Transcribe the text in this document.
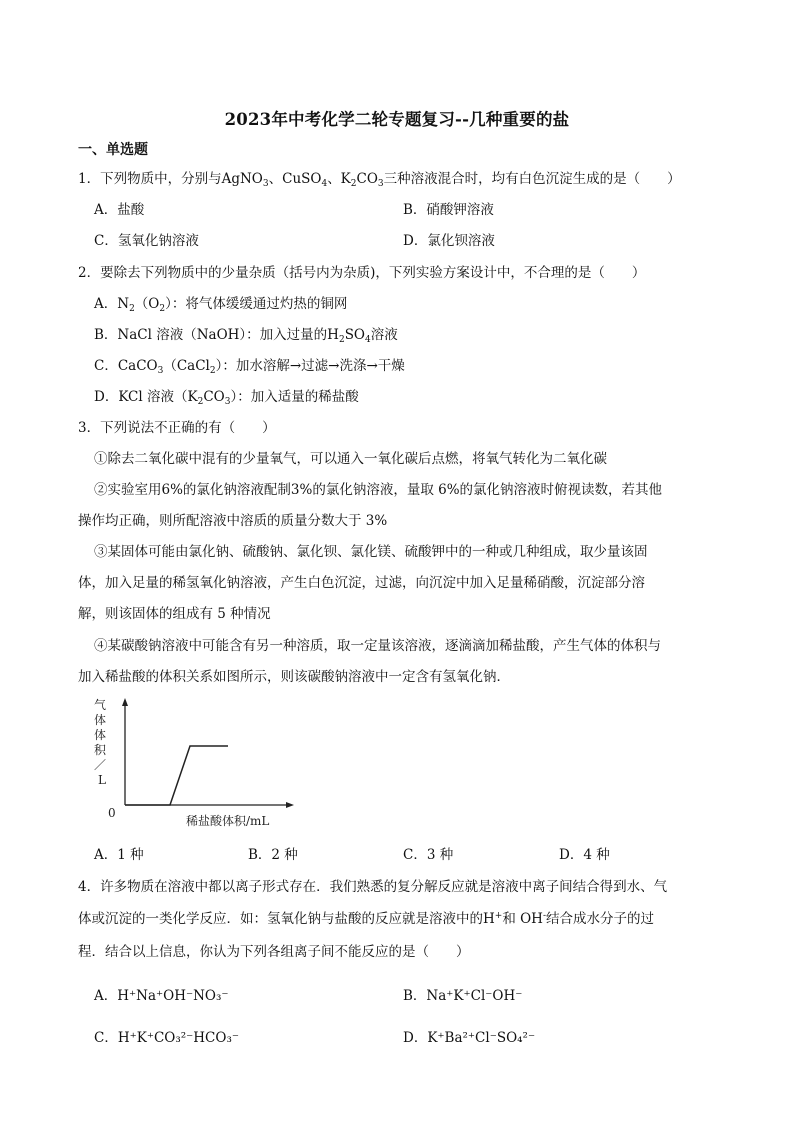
2023年中考化学二轮专题复习--几种重要的盐
一、单选题
1．下列物质中，分别与AgNO$_3$、CuSO$_4$、$K_2CO_3$三种溶液混合时，均有白色沉淀生成的是（　　）
A．盐酸	B．硝酸钾溶液
C．氢氧化钠溶液	D．氯化钡溶液
2．要除去下列物质中的少量杂质（括号内为杂质)，下列实验方案设计中，不合理的是（　　）
A．$N_2(O_2)$：将气体缓缓通过灼热的铜网
B．NaCl 溶液（NaOH）：加入过量的$H_2SO_4$溶液
C．CaCO$_3$（CaCl$_2$）：加水溶解→过滤→洗涤→干燥
D．KCl 溶液$(K_2CO_3)$：加入适量的稀盐酸
3．下列说法不正确的有（　　）
①除去二氧化碳中混有的少量氧气，可以通入一氧化碳后点燃，将氧气转化为二氧化碳
②实验室用6%的氯化钠溶液配制3%的氯化钠溶液，量取 6%的氯化钠溶液时俯视读数，若其他
操作均正确，则所配溶液中溶质的质量分数大于 3%
③某固体可能由氯化钠、硫酸钠、氯化钡、氯化镁、硫酸钾中的一种或几种组成，取少量该固
体，加入足量的稀氢氧化钠溶液，产生白色沉淀，过滤，向沉淀中加入足量稀硝酸，沉淀部分溶
解，则该固体的组成有 5 种情况
④某碳酸钠溶液中可能含有另一种溶质，取一定量该溶液，逐滴滴加稀盐酸，产生气体的体积与
加入稀盐酸的体积关系如图所示，则该碳酸钠溶液中一定含有氢氧化钠．
气
体
体
积
／
L
0
稀盐酸体积/mL
A．1 种	B．2 种	C．3 种	D．4 种
4．许多物质在溶液中都以离子形式存在．我们熟悉的复分解反应就是溶液中离子间结合得到水、气
体或沉淀的一类化学反应．如：氢氧化钠与盐酸的反应就是溶液中的H+和 OH-结合成水分子的过
程．结合以上信息，你认为下列各组离子间不能反应的是（　　）
A．H⁺Na⁺OH⁻NO₃⁻	B．Na⁺K⁺Cl⁻OH⁻
C．H⁺K⁺CO₃²⁻HCO₃⁻	D．K⁺Ba²⁺Cl⁻SO₄²⁻
